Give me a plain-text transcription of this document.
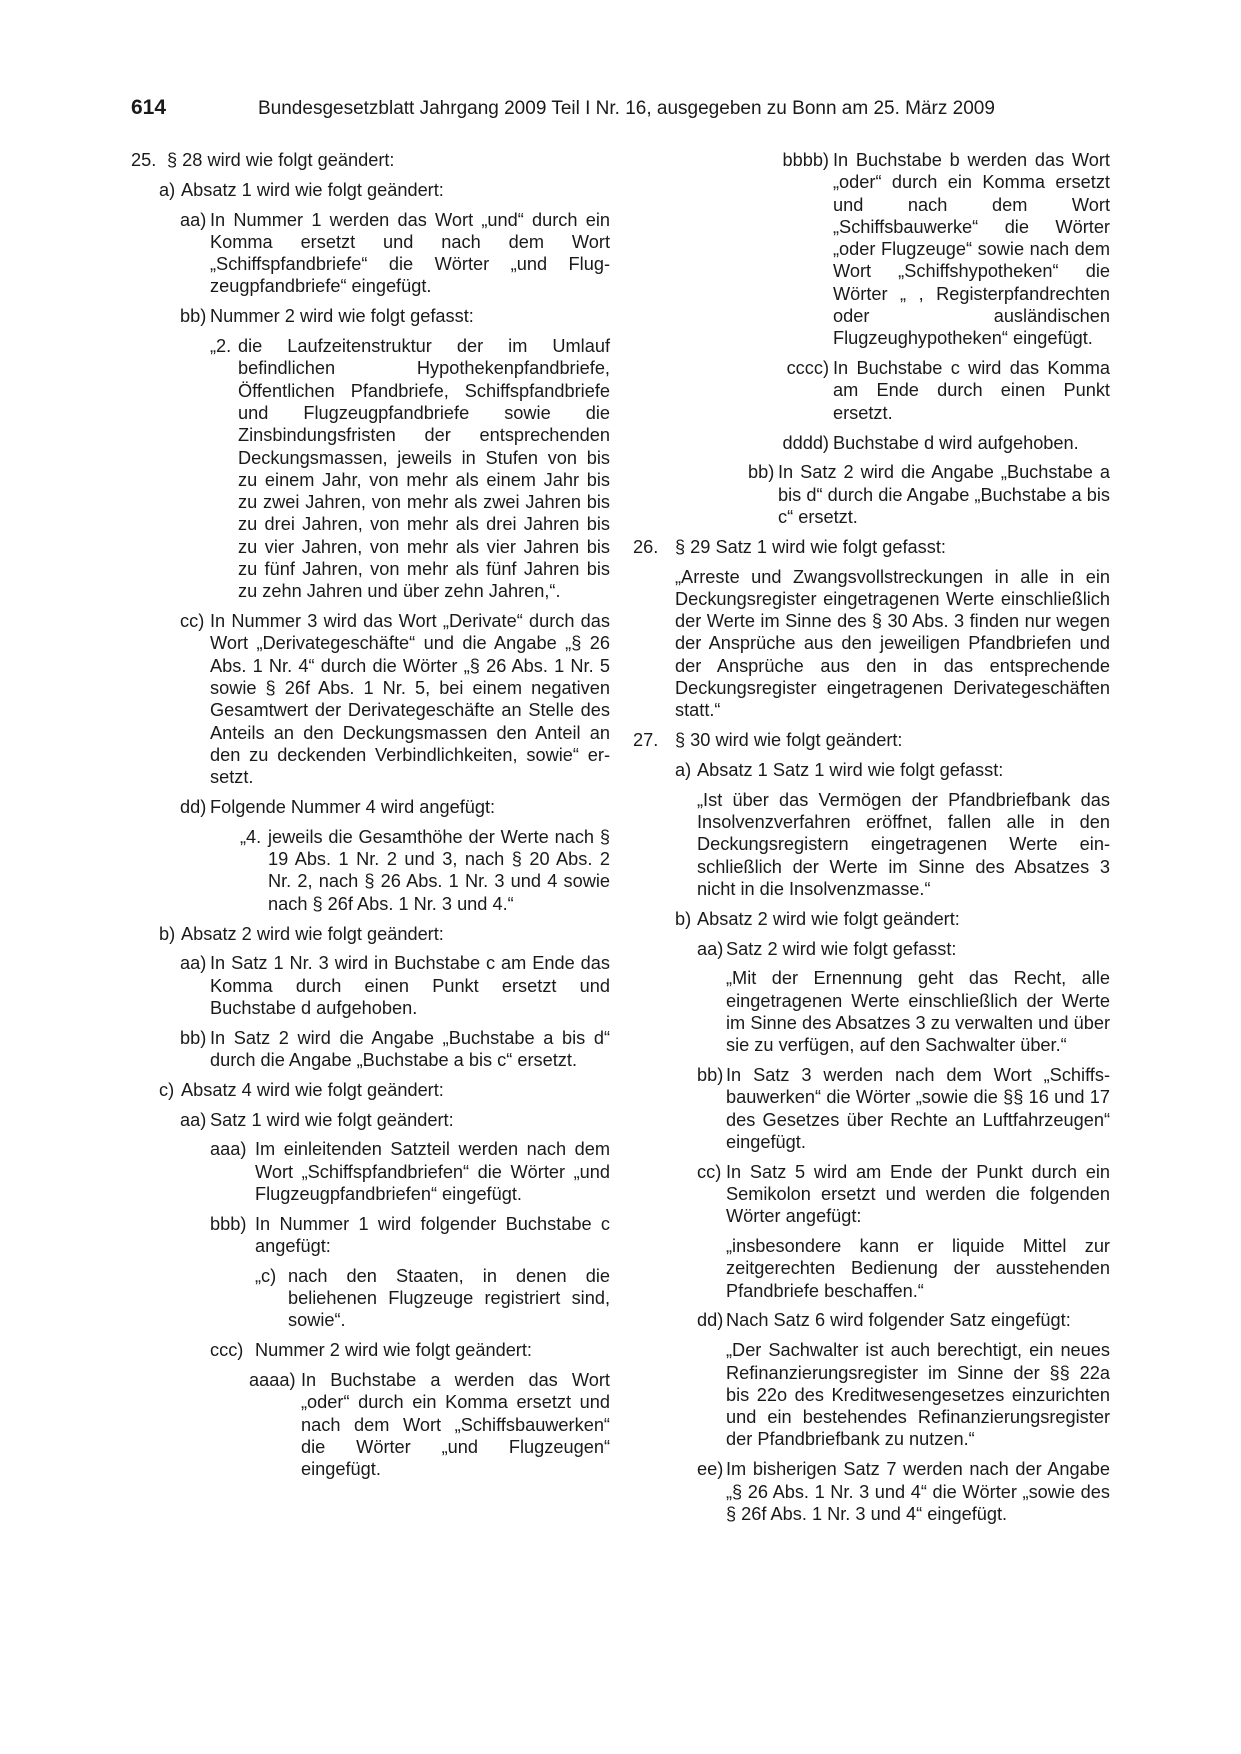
614	Bundesgesetzblatt Jahrgang 2009 Teil I Nr. 16, ausgegeben zu Bonn am 25. März 2009
25. § 28 wird wie folgt geändert:
a) Absatz 1 wird wie folgt geändert:
aa) In Nummer 1 werden das Wort „und“ durch ein Komma ersetzt und nach dem Wort „Schiffspfandbriefe“ die Wörter „und Flugzeugpfandbriefe“ eingefügt.
bb) Nummer 2 wird wie folgt gefasst:
„2. die Laufzeitenstruktur der im Umlauf befindlichen Hypothekenpfandbriefe, Öffentlichen Pfandbriefe, Schiffspfandbriefe und Flugzeugpfandbriefe sowie die Zinsbindungsfristen der entsprechenden Deckungsmassen, jeweils in Stufen von bis zu einem Jahr, von mehr als einem Jahr bis zu zwei Jahren, von mehr als zwei Jahren bis zu drei Jahren, von mehr als drei Jahren bis zu vier Jahren, von mehr als vier Jahren bis zu fünf Jahren, von mehr als fünf Jahren bis zu zehn Jahren und über zehn Jahren,“.
cc) In Nummer 3 wird das Wort „Derivate“ durch das Wort „Derivategeschäfte“ und die Angabe „§ 26 Abs. 1 Nr. 4“ durch die Wörter „§ 26 Abs. 1 Nr. 5 sowie § 26f Abs. 1 Nr. 5, bei einem negativen Gesamtwert der Derivategeschäfte an Stelle des Anteils an den Deckungsmassen den Anteil an den zu deckenden Verbindlichkeiten, sowie“ ersetzt.
dd) Folgende Nummer 4 wird angefügt:
„4. jeweils die Gesamthöhe der Werte nach § 19 Abs. 1 Nr. 2 und 3, nach § 20 Abs. 2 Nr. 2, nach § 26 Abs. 1 Nr. 3 und 4 sowie nach § 26f Abs. 1 Nr. 3 und 4.“
b) Absatz 2 wird wie folgt geändert:
aa) In Satz 1 Nr. 3 wird in Buchstabe c am Ende das Komma durch einen Punkt ersetzt und Buchstabe d aufgehoben.
bb) In Satz 2 wird die Angabe „Buchstabe a bis d“ durch die Angabe „Buchstabe a bis c“ ersetzt.
c) Absatz 4 wird wie folgt geändert:
aa) Satz 1 wird wie folgt geändert:
aaa) Im einleitenden Satzteil werden nach dem Wort „Schiffspfandbriefen“ die Wörter „und Flugzeugpfandbriefen“ eingefügt.
bbb) In Nummer 1 wird folgender Buchstabe c angefügt:
„c) nach den Staaten, in denen die beliehenen Flugzeuge registriert sind, sowie“.
ccc) Nummer 2 wird wie folgt geändert:
aaaa) In Buchstabe a werden das Wort „oder“ durch ein Komma ersetzt und nach dem Wort „Schiffsbauwerken“ die Wörter „und Flugzeugen“ eingefügt.
bbbb) In Buchstabe b werden das Wort „oder“ durch ein Komma ersetzt und nach dem Wort „Schiffsbauwerke“ die Wörter „oder Flugzeuge“ sowie nach dem Wort „Schiffshypotheken“ die Wörter „ , Registerpfandrechten oder ausländischen Flugzeughypotheken“ eingefügt.
cccc) In Buchstabe c wird das Komma am Ende durch einen Punkt ersetzt.
dddd) Buchstabe d wird aufgehoben.
bb) In Satz 2 wird die Angabe „Buchstabe a bis d“ durch die Angabe „Buchstabe a bis c“ ersetzt.
26. § 29 Satz 1 wird wie folgt gefasst:
„Arreste und Zwangsvollstreckungen in alle in ein Deckungsregister eingetragenen Werte einschließlich der Werte im Sinne des § 30 Abs. 3 finden nur wegen der Ansprüche aus den jeweiligen Pfandbriefen und der Ansprüche aus den in das entsprechende Deckungsregister eingetragenen Derivategeschäften statt.“
27. § 30 wird wie folgt geändert:
a) Absatz 1 Satz 1 wird wie folgt gefasst:
„Ist über das Vermögen der Pfandbriefbank das Insolvenzverfahren eröffnet, fallen alle in den Deckungsregistern eingetragenen Werte einschließlich der Werte im Sinne des Absatzes 3 nicht in die Insolvenzmasse.“
b) Absatz 2 wird wie folgt geändert:
aa) Satz 2 wird wie folgt gefasst:
„Mit der Ernennung geht das Recht, alle eingetragenen Werte einschließlich der Werte im Sinne des Absatzes 3 zu verwalten und über sie zu verfügen, auf den Sachwalter über.“
bb) In Satz 3 werden nach dem Wort „Schiffsbauwerken“ die Wörter „sowie die §§ 16 und 17 des Gesetzes über Rechte an Luftfahrzeugen“ eingefügt.
cc) In Satz 5 wird am Ende der Punkt durch ein Semikolon ersetzt und werden die folgenden Wörter angefügt:
„insbesondere kann er liquide Mittel zur zeitgerechten Bedienung der ausstehenden Pfandbriefe beschaffen.“
dd) Nach Satz 6 wird folgender Satz eingefügt:
„Der Sachwalter ist auch berechtigt, ein neues Refinanzierungsregister im Sinne der §§ 22a bis 22o des Kreditwesengesetzes einzurichten und ein bestehendes Refinanzierungsregister der Pfandbriefbank zu nutzen.“
ee) Im bisherigen Satz 7 werden nach der Angabe „§ 26 Abs. 1 Nr. 3 und 4“ die Wörter „sowie des § 26f Abs. 1 Nr. 3 und 4“ eingefügt.
